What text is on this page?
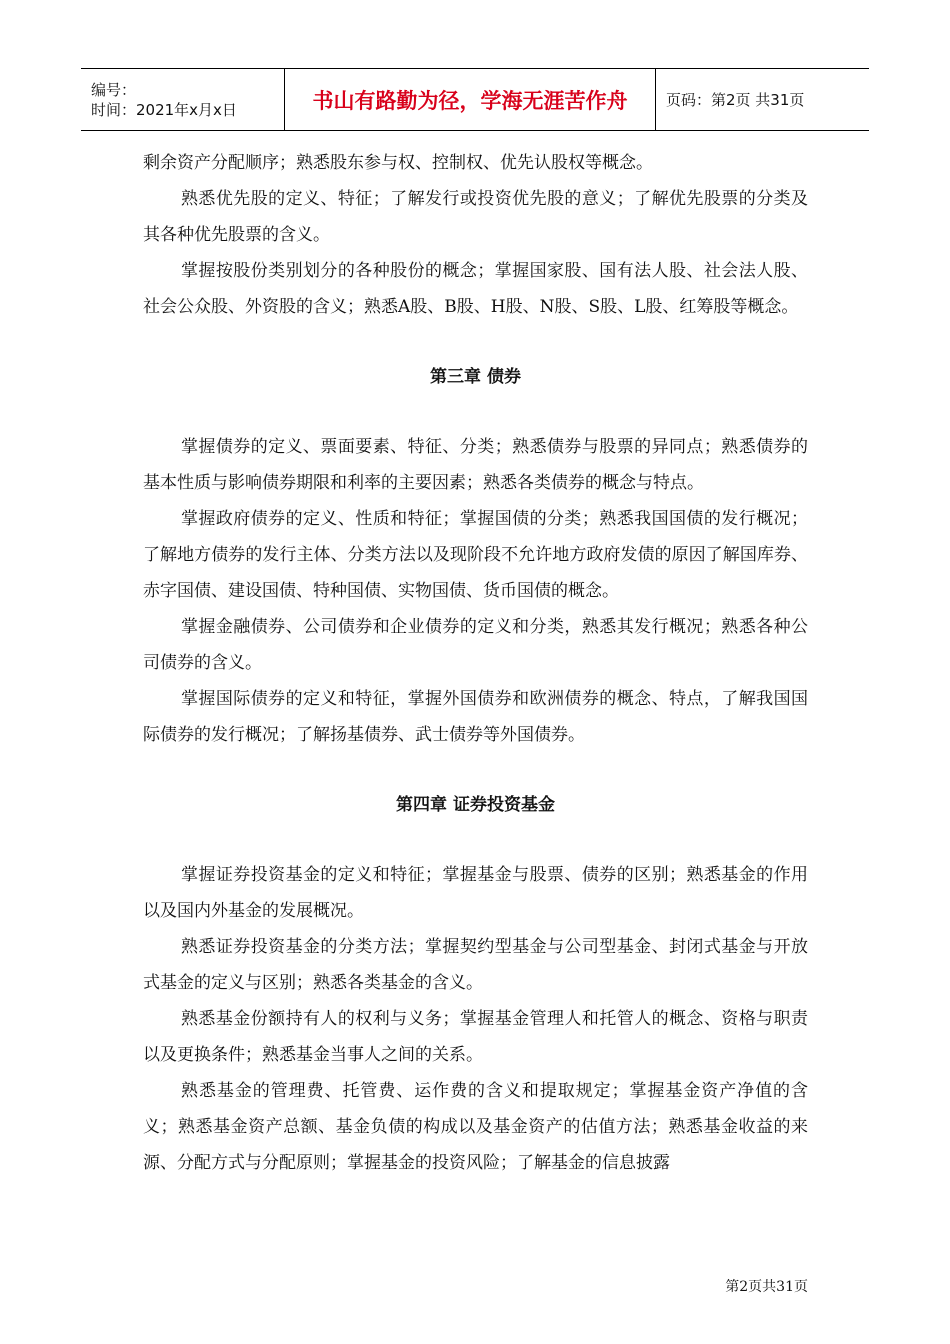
编号：
时间：2021年x月x日	书山有路勤为径，学海无涯苦作舟	页码：第2页 共31页

剩余资产分配顺序；熟悉股东参与权、控制权、优先认股权等概念。

熟悉优先股的定义、特征；了解发行或投资优先股的意义；了解优先股票的分类及其各种优先股票的含义。

掌握按股份类别划分的各种股份的概念；掌握国家股、国有法人股、社会法人股、社会公众股、外资股的含义；熟悉A股、B股、H股、N股、S股、L股、红筹股等概念。

第三章 债券

掌握债券的定义、票面要素、特征、分类；熟悉债券与股票的异同点；熟悉债券的基本性质与影响债券期限和利率的主要因素；熟悉各类债券的概念与特点。

掌握政府债券的定义、性质和特征；掌握国债的分类；熟悉我国国债的发行概况；了解地方债券的发行主体、分类方法以及现阶段不允许地方政府发债的原因了解国库券、赤字国债、建设国债、特种国债、实物国债、货币国债的概念。

掌握金融债券、公司债券和企业债券的定义和分类，熟悉其发行概况；熟悉各种公司债券的含义。

掌握国际债券的定义和特征，掌握外国债券和欧洲债券的概念、特点，了解我国国际债券的发行概况；了解扬基债券、武士债券等外国债券。

第四章 证券投资基金

掌握证券投资基金的定义和特征；掌握基金与股票、债券的区别；熟悉基金的作用以及国内外基金的发展概况。

熟悉证券投资基金的分类方法；掌握契约型基金与公司型基金、封闭式基金与开放式基金的定义与区别；熟悉各类基金的含义。

熟悉基金份额持有人的权利与义务；掌握基金管理人和托管人的概念、资格与职责以及更换条件；熟悉基金当事人之间的关系。

熟悉基金的管理费、托管费、运作费的含义和提取规定；掌握基金资产净值的含义；熟悉基金资产总额、基金负债的构成以及基金资产的估值方法；熟悉基金收益的来源、分配方式与分配原则；掌握基金的投资风险；了解基金的信息披露

第2页共31页
